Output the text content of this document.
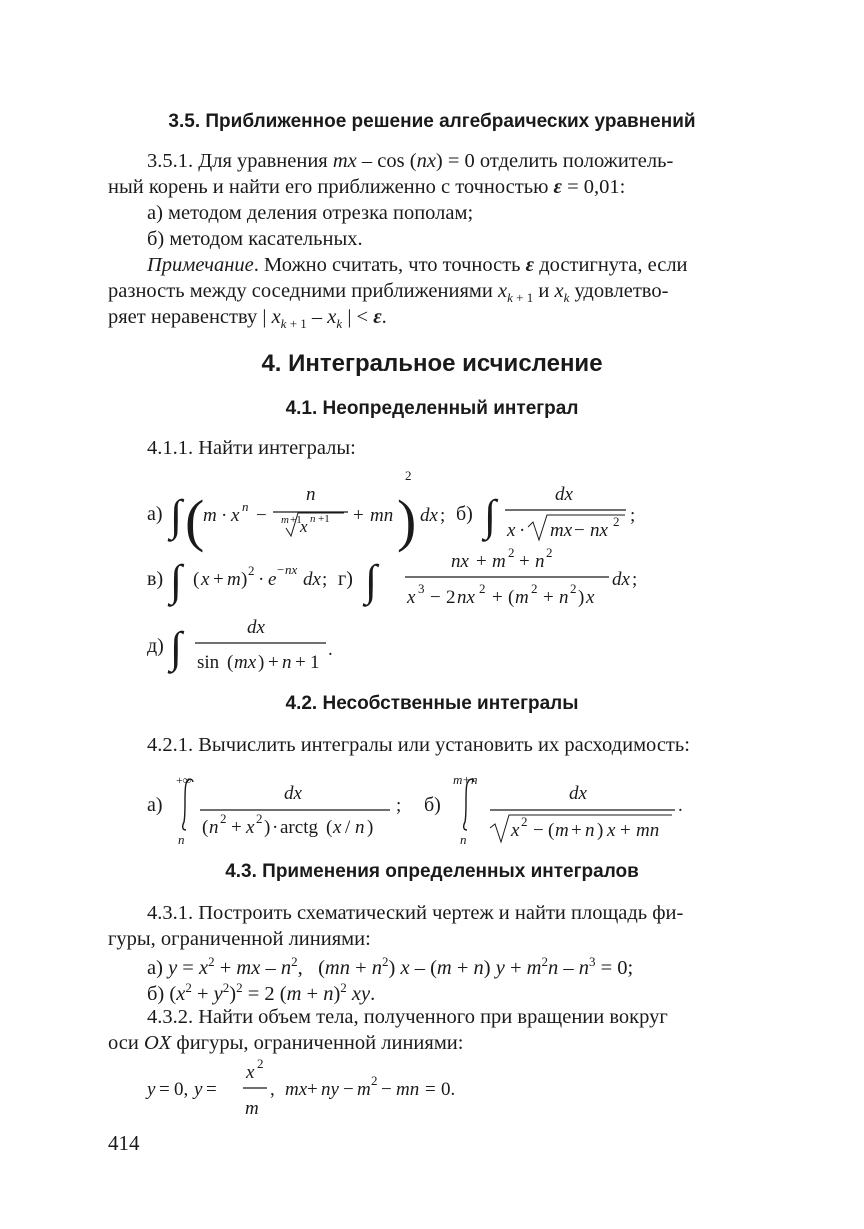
3.5. Приближенное решение алгебраических уравнений
3.5.1. Для уравнения mx – cos (nx) = 0 отделить положитель-
ный корень и найти его приближенно с точностью ε = 0,01:
а) методом деления отрезка пополам;
б) методом касательных.
Примечание. Можно считать, что точность ε достигнута, если
разность между соседними приближениями $x_{k + 1}$ и $x_k$ удовлетво-
ряет неравенству | $x_{k + 1} - x_k$ | < ε.
4. Интегральное исчисление
4.1. Неопределенный интеграл
4.1.1. Найти интегралы:
4.2. Несобственные интегралы
4.2.1. Вычислить интегралы или установить их расходимость:
4.3. Применения определенных интегралов
4.3.1. Построить схематический чертеж и найти площадь фи-
гуры, ограниченной линиями:
а) $y = x^2$ + mx – $n^2$,   $(mn + n^2)$ x – (m + n) $y + m^2n - n^3 = 0$;
б) $(x^2 + y^2)^2 = 2$ $(m + n)^2$ xy.
4.3.2. Найти объем тела, полученного при вращении вокруг
оси OX фигуры, ограниченной линиями:
414
а) ∫ (
m · x n −
n
m +1
x n +1 + mn )
2
dx ; б) ∫	dx
x · mx − nx 2 ;
в) ∫ ( x + m ) 2 · e − nx dx ; г) ∫	nx + m 2 + n 2
x 3 − 2 nx 2 + ( m 2 + n 2 ) x
dx ;
д) ∫	dx
sin ( mx ) + n + 1
.
а)
+∞
n
dx
( n 2 + x 2 ) · arctg ( x / n )
; б)
m + n
n
dx
x 2 − ( m + n ) x + mn
.
y = 0, y =
x 2
m
, mx + ny − m 2 − mn = 0.
